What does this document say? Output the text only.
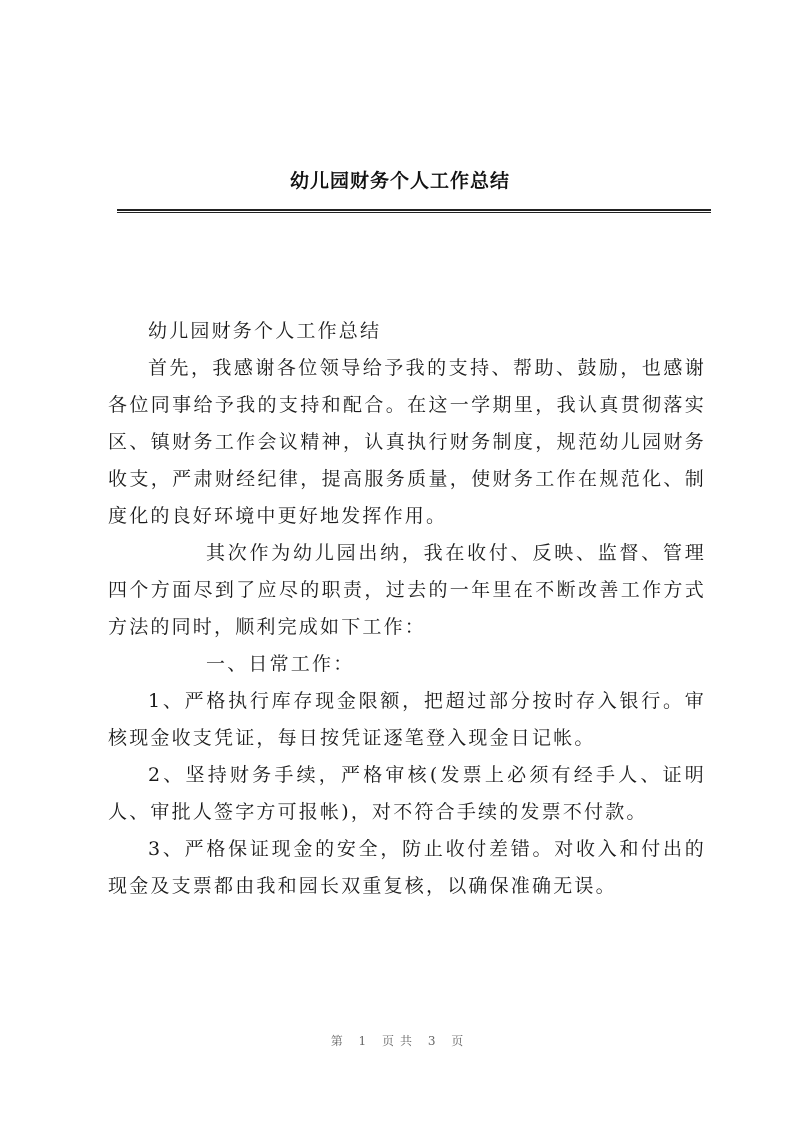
幼儿园财务个人工作总结

幼儿园财务个人工作总结

首先，我感谢各位领导给予我的支持、帮助、鼓励，也感谢各位同事给予我的支持和配合。在这一学期里，我认真贯彻落实区、镇财务工作会议精神，认真执行财务制度，规范幼儿园财务收支，严肃财经纪律，提高服务质量，使财务工作在规范化、制度化的良好环境中更好地发挥作用。

其次作为幼儿园出纳，我在收付、反映、监督、管理四个方面尽到了应尽的职责，过去的一年里在不断改善工作方式方法的同时，顺利完成如下工作：

一、日常工作：

1、严格执行库存现金限额，把超过部分按时存入银行。审核现金收支凭证，每日按凭证逐笔登入现金日记帐。

2、坚持财务手续，严格审核(发票上必须有经手人、证明人、审批人签字方可报帐)，对不符合手续的发票不付款。

3、严格保证现金的安全，防止收付差错。对收入和付出的现金及支票都由我和园长双重复核，以确保准确无误。

第 1 页共 3 页
